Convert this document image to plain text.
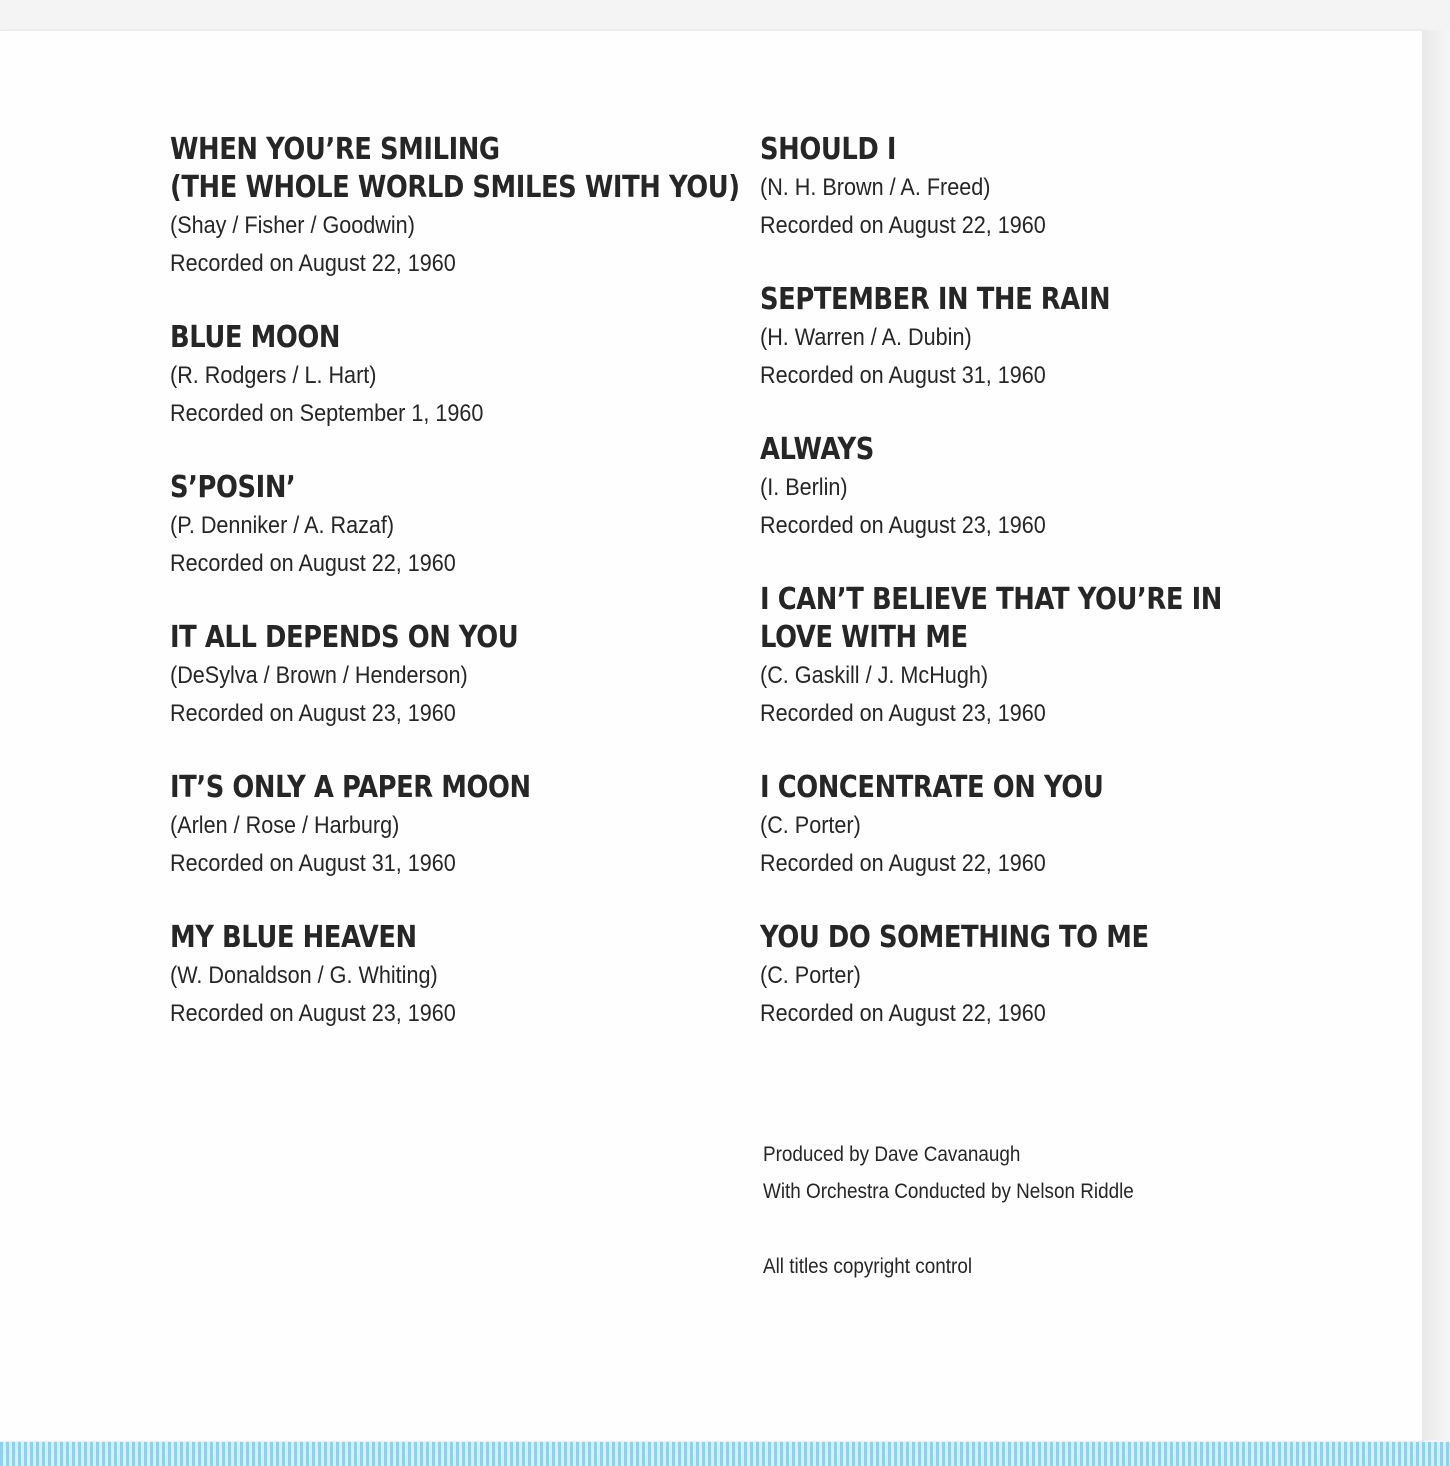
WHEN YOU’RE SMILING
(THE WHOLE WORLD SMILES WITH YOU)
(Shay / Fisher / Goodwin)
Recorded on August 22, 1960
BLUE MOON
(R. Rodgers / L. Hart)
Recorded on September 1, 1960
S’POSIN’
(P. Denniker / A. Razaf)
Recorded on August 22, 1960
IT ALL DEPENDS ON YOU
(DeSylva / Brown / Henderson)
Recorded on August 23, 1960
IT’S ONLY A PAPER MOON
(Arlen / Rose / Harburg)
Recorded on August 31, 1960
MY BLUE HEAVEN
(W. Donaldson / G. Whiting)
Recorded on August 23, 1960
SHOULD I
(N. H. Brown / A. Freed)
Recorded on August 22, 1960
SEPTEMBER IN THE RAIN
(H. Warren / A. Dubin)
Recorded on August 31, 1960
ALWAYS
(I. Berlin)
Recorded on August 23, 1960
I CAN’T BELIEVE THAT YOU’RE IN
LOVE WITH ME
(C. Gaskill / J. McHugh)
Recorded on August 23, 1960
I CONCENTRATE ON YOU
(C. Porter)
Recorded on August 22, 1960
YOU DO SOMETHING TO ME
(C. Porter)
Recorded on August 22, 1960
Produced by Dave Cavanaugh
With Orchestra Conducted by Nelson Riddle
All titles copyright control
